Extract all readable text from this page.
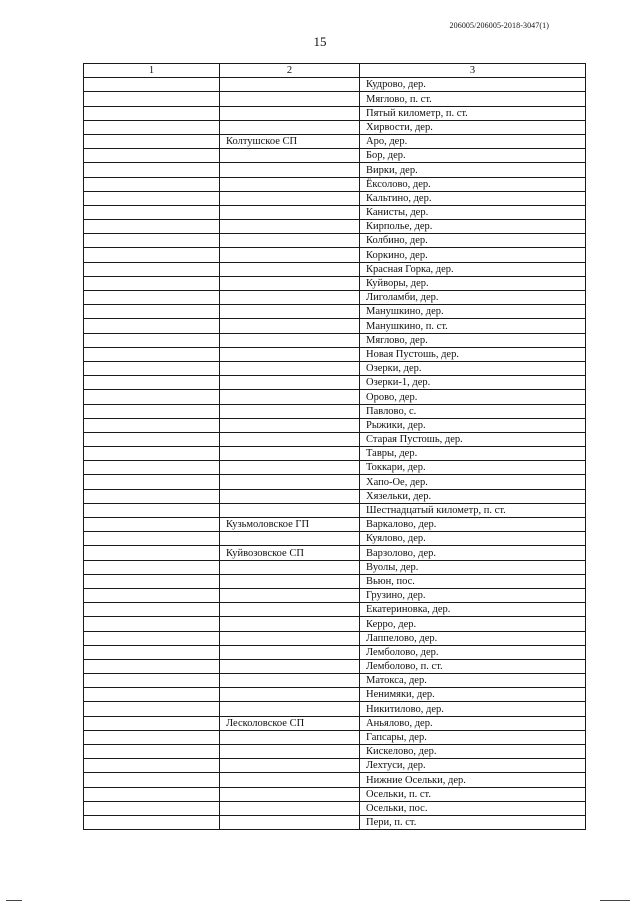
206005/206005-2018-3047(1)
15
1	2	3
		Кудрово, дер.
		Мяглово, п. ст.
		Пятый километр, п. ст.
		Хирвости, дер.
	Колтушское СП	Аро, дер.
		Бор, дер.
		Вирки, дер.
		Ёксолово, дер.
		Кальтино, дер.
		Канисты, дер.
		Кирполье, дер.
		Колбино, дер.
		Коркино, дер.
		Красная Горка, дер.
		Куйворы, дер.
		Лиголамби, дер.
		Манушкино, дер.
		Манушкино, п. ст.
		Мяглово, дер.
		Новая Пустошь, дер.
		Озерки, дер.
		Озерки-1, дер.
		Орово, дер.
		Павлово, с.
		Рыжики, дер.
		Старая Пустошь, дер.
		Тавры, дер.
		Токкари, дер.
		Хапо-Ое, дер.
		Хязельки, дер.
		Шестнадцатый километр, п. ст.
	Кузьмоловское ГП	Варкалово, дер.
		Куялово, дер.
	Куйвозовское СП	Варзолово, дер.
		Вуолы, дер.
		Вьюн, пос.
		Грузино, дер.
		Екатериновка, дер.
		Керро, дер.
		Лаппелово, дер.
		Лемболово, дер.
		Лемболово, п. ст.
		Матокса, дер.
		Ненимяки, дер.
		Никитилово, дер.
	Лесколовское СП	Аньялово, дер.
		Гапсары, дер.
		Кискелово, дер.
		Лехтуси, дер.
		Нижние Осельки, дер.
		Осельки, п. ст.
		Осельки, пос.
		Пери, п. ст.
